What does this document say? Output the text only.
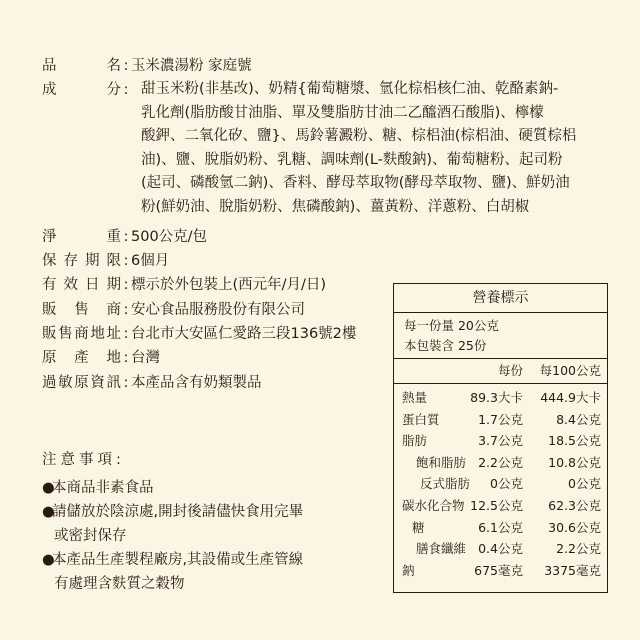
品	名 : 玉米濃湯粉 家庭號
成	分 : 甜玉米粉(非基改)、奶精{葡萄糖漿、氫化棕梠核仁油、乾酪素鈉-
乳化劑(脂肪酸甘油脂、單及雙脂肪甘油二乙醯酒石酸脂)、檸檬
酸鉀、二氧化矽、鹽}、馬鈴薯澱粉、糖、棕梠油(棕梠油、硬質棕梠
油)、鹽、脫脂奶粉、乳糖、調味劑(L-麩酸鈉)、葡萄糖粉、起司粉
(起司、磷酸氫二鈉)、香料、酵母萃取物(酵母萃取物、鹽)、鮮奶油
粉(鮮奶油、脫脂奶粉、焦磷酸鈉)、薑黃粉、洋蔥粉、白胡椒
淨	重 : 500公克/包
保 存 期 限 : 6個月
有 效 日 期 : 標示於外包裝上(西元年/月/日)
販 售 商 : 安心食品服務股份有限公司
販 售 商 地 址 : 台北市大安區仁愛路三段136號2樓
原 產 地 : 台灣
過 敏 原 資 訊 : 本產品含有奶類製品
營養標示
每一份量 20公克
本包裝含 25份
每份 每100公克
熱量	89.3大卡 444.9大卡
蛋白質	1.7公克	8.4公克
脂肪	3.7公克 18.5公克
飽和脂肪 2.2公克 10.8公克
反式脂肪 0公克	0公克
碳水化合物 12.5公克 62.3公克
糖	6.1公克 30.6公克
膳食纖維 0.4公克	2.2公克
鈉	675毫克 3375毫克
注意事項:
●本商品非素食品
●請儲放於陰涼處,開封後請儘快食用完畢
或密封保存
●本產品生產製程廠房,其設備或生產管線
有處理含麩質之穀物
